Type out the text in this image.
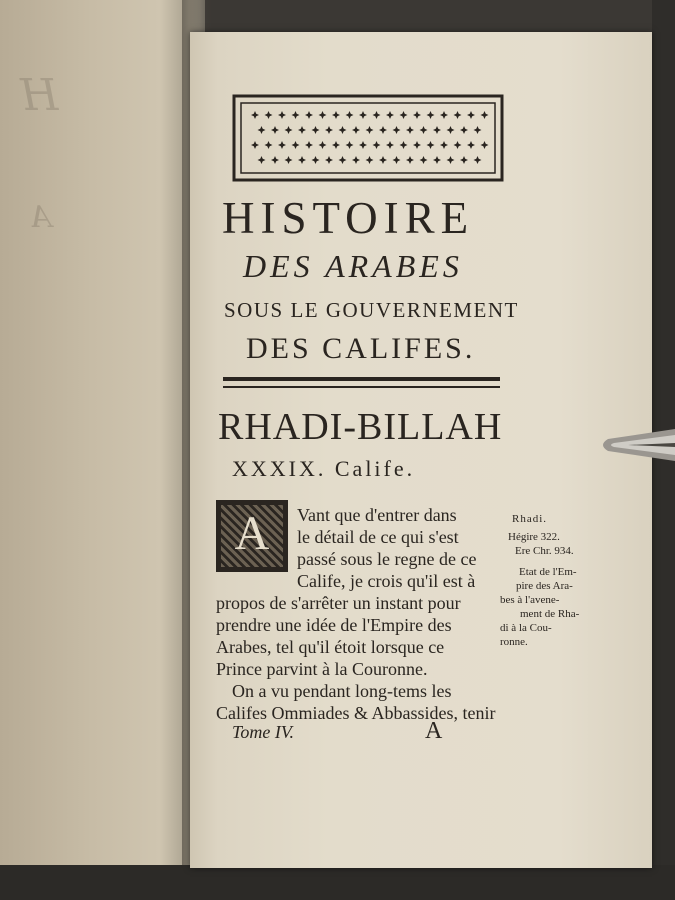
H
A	HISTOIRE
DES ARABES
SOUS LE GOUVERNEMENT
DES CALIFES.
RHADI-BILLAH
XXXIX. Calife.
A	Vant que d'entrer dans
le détail de ce qui s'est
passé sous le regne de ce
Calife, je crois qu'il est à
propos de s'arrêter un instant pour
prendre une idée de l'Empire des
Arabes, tel qu'il étoit lorsque ce
Prince parvint à la Couronne.
On a vu pendant long-tems les
Califes Ommiades & Abbassides, tenir
Rhadi.
Hégire 322.
Ere Chr. 934.
Etat de l'Em-
pire des Ara-
bes à l'avene-
ment de Rha-
di à la Cou-
ronne.
Tome IV.	A
